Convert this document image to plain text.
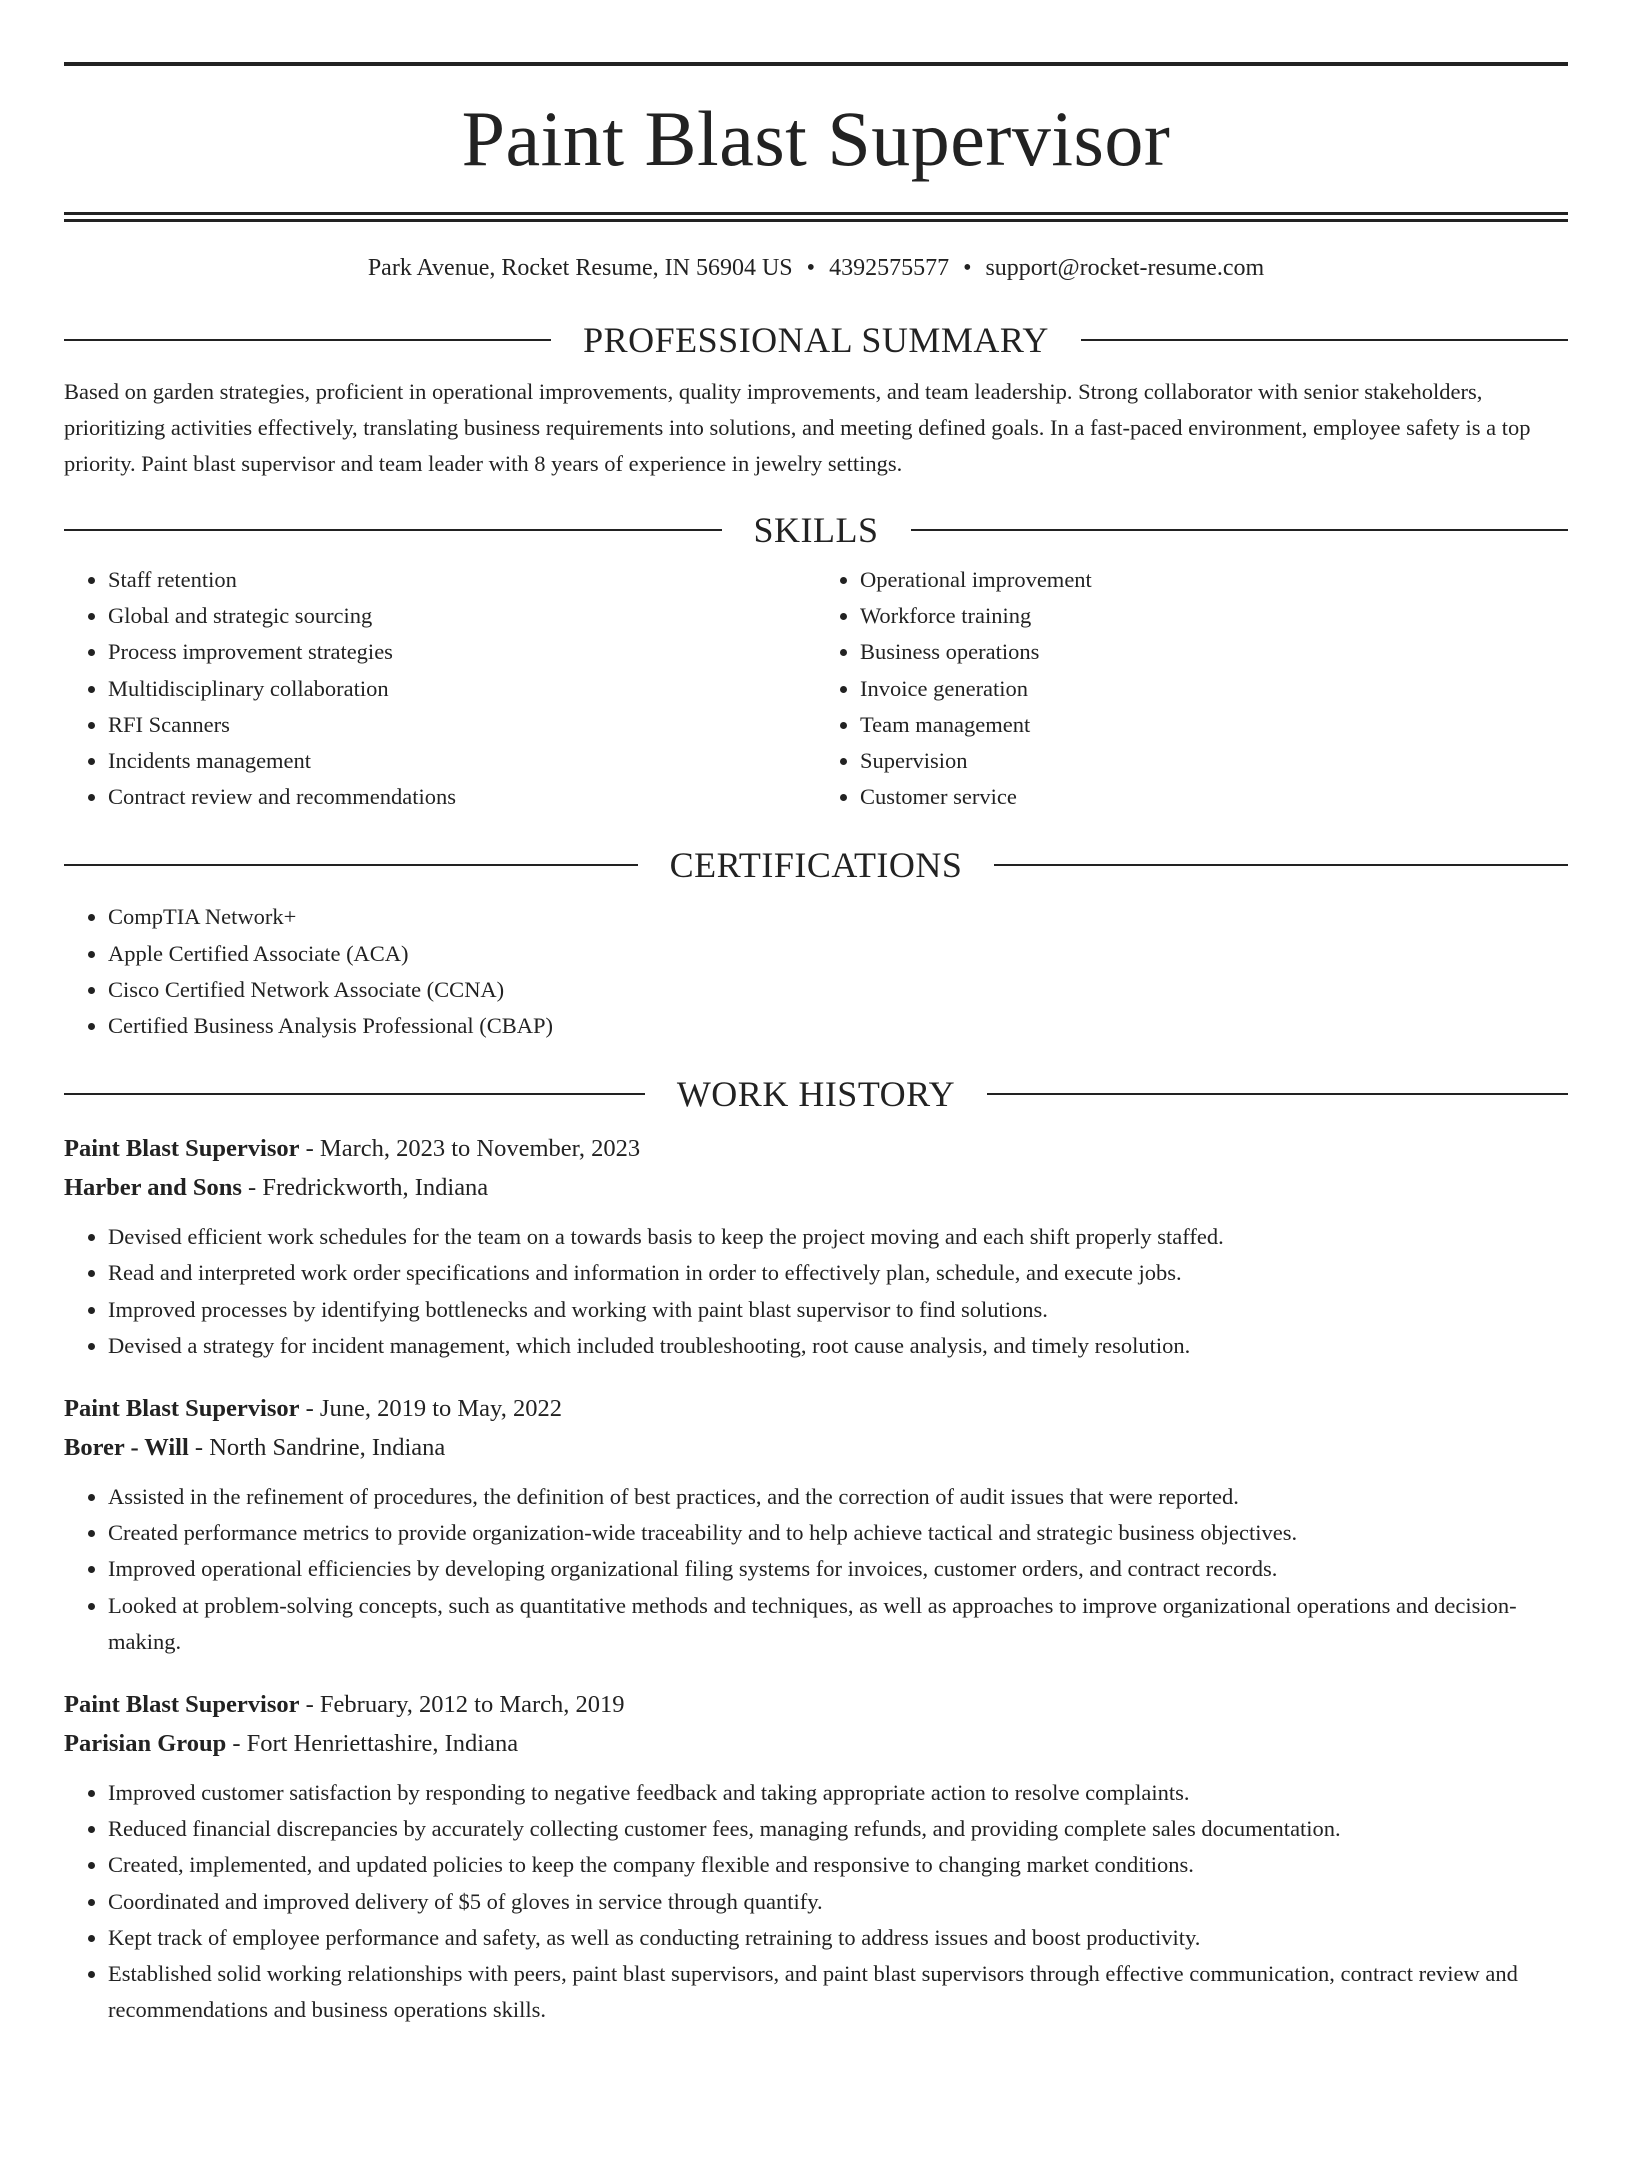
Paint Blast Supervisor
Park Avenue, Rocket Resume, IN 56904 US • 4392575577 • support@rocket-resume.com
PROFESSIONAL SUMMARY

Based on garden strategies, proficient in operational improvements, quality improvements, and team leadership. Strong collaborator with senior stakeholders, prioritizing activities effectively, translating business requirements into solutions, and meeting defined goals. In a fast-paced environment, employee safety is a top priority. Paint blast supervisor and team leader with 8 years of experience in jewelry settings.

SKILLS
• Staff retention
• Global and strategic sourcing
• Process improvement strategies
• Multidisciplinary collaboration
• RFI Scanners
• Incidents management
• Contract review and recommendations
• Operational improvement
• Workforce training
• Business operations
• Invoice generation
• Team management
• Supervision
• Customer service
CERTIFICATIONS
• CompTIA Network+
• Apple Certified Associate (ACA)
• Cisco Certified Network Associate (CCNA)
• Certified Business Analysis Professional (CBAP)
WORK HISTORY
Paint Blast Supervisor - March, 2023 to November, 2023
Harber and Sons - Fredrickworth, Indiana
• Devised efficient work schedules for the team on a towards basis to keep the project moving and each shift properly staffed.
• Read and interpreted work order specifications and information in order to effectively plan, schedule, and execute jobs.
• Improved processes by identifying bottlenecks and working with paint blast supervisor to find solutions.
• Devised a strategy for incident management, which included troubleshooting, root cause analysis, and timely resolution.
Paint Blast Supervisor - June, 2019 to May, 2022
Borer - Will - North Sandrine, Indiana
• Assisted in the refinement of procedures, the definition of best practices, and the correction of audit issues that were reported.
• Created performance metrics to provide organization-wide traceability and to help achieve tactical and strategic business objectives.
• Improved operational efficiencies by developing organizational filing systems for invoices, customer orders, and contract records.
• Looked at problem-solving concepts, such as quantitative methods and techniques, as well as approaches to improve organizational operations and decision-making.
Paint Blast Supervisor - February, 2012 to March, 2019
Parisian Group - Fort Henriettashire, Indiana
• Improved customer satisfaction by responding to negative feedback and taking appropriate action to resolve complaints.
• Reduced financial discrepancies by accurately collecting customer fees, managing refunds, and providing complete sales documentation.
• Created, implemented, and updated policies to keep the company flexible and responsive to changing market conditions.
• Coordinated and improved delivery of $5 of gloves in service through quantify.
• Kept track of employee performance and safety, as well as conducting retraining to address issues and boost productivity.
• Established solid working relationships with peers, paint blast supervisors, and paint blast supervisors through effective communication, contract review and recommendations and business operations skills.
